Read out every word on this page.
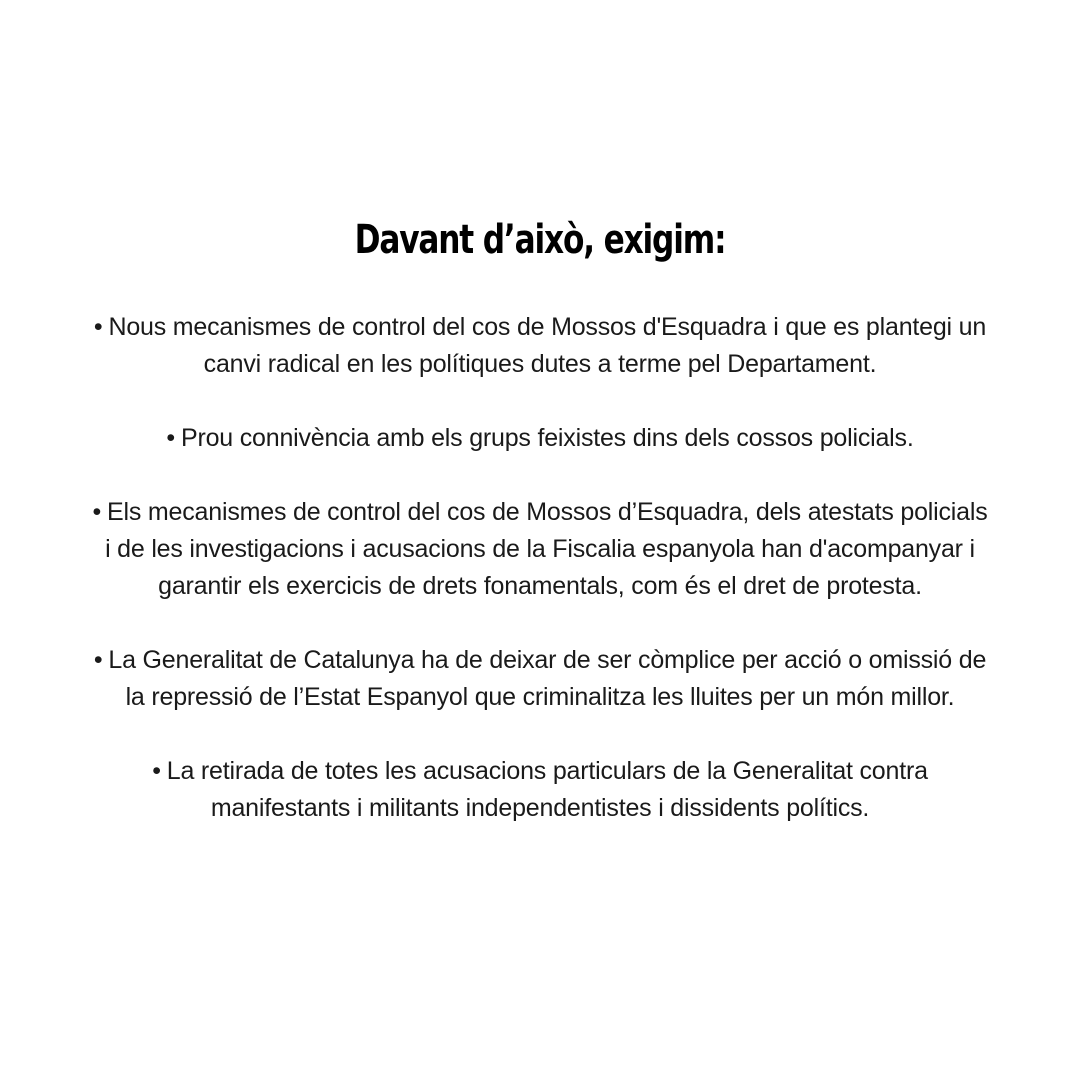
Davant d’això, exigim:
• Nous mecanismes de control del cos de Mossos d'Esquadra i que es plantegi un
canvi radical en les polítiques dutes a terme pel Departament.
• Prou connivència amb els grups feixistes dins dels cossos policials.
• Els mecanismes de control del cos de Mossos d’Esquadra, dels atestats policials
i de les investigacions i acusacions de la Fiscalia espanyola han d'acompanyar i
garantir els exercicis de drets fonamentals, com és el dret de protesta.
• La Generalitat de Catalunya ha de deixar de ser còmplice per acció o omissió de
la repressió de l’Estat Espanyol que criminalitza les lluites per un món millor.
• La retirada de totes les acusacions particulars de la Generalitat contra
manifestants i militants independentistes i dissidents polítics.
